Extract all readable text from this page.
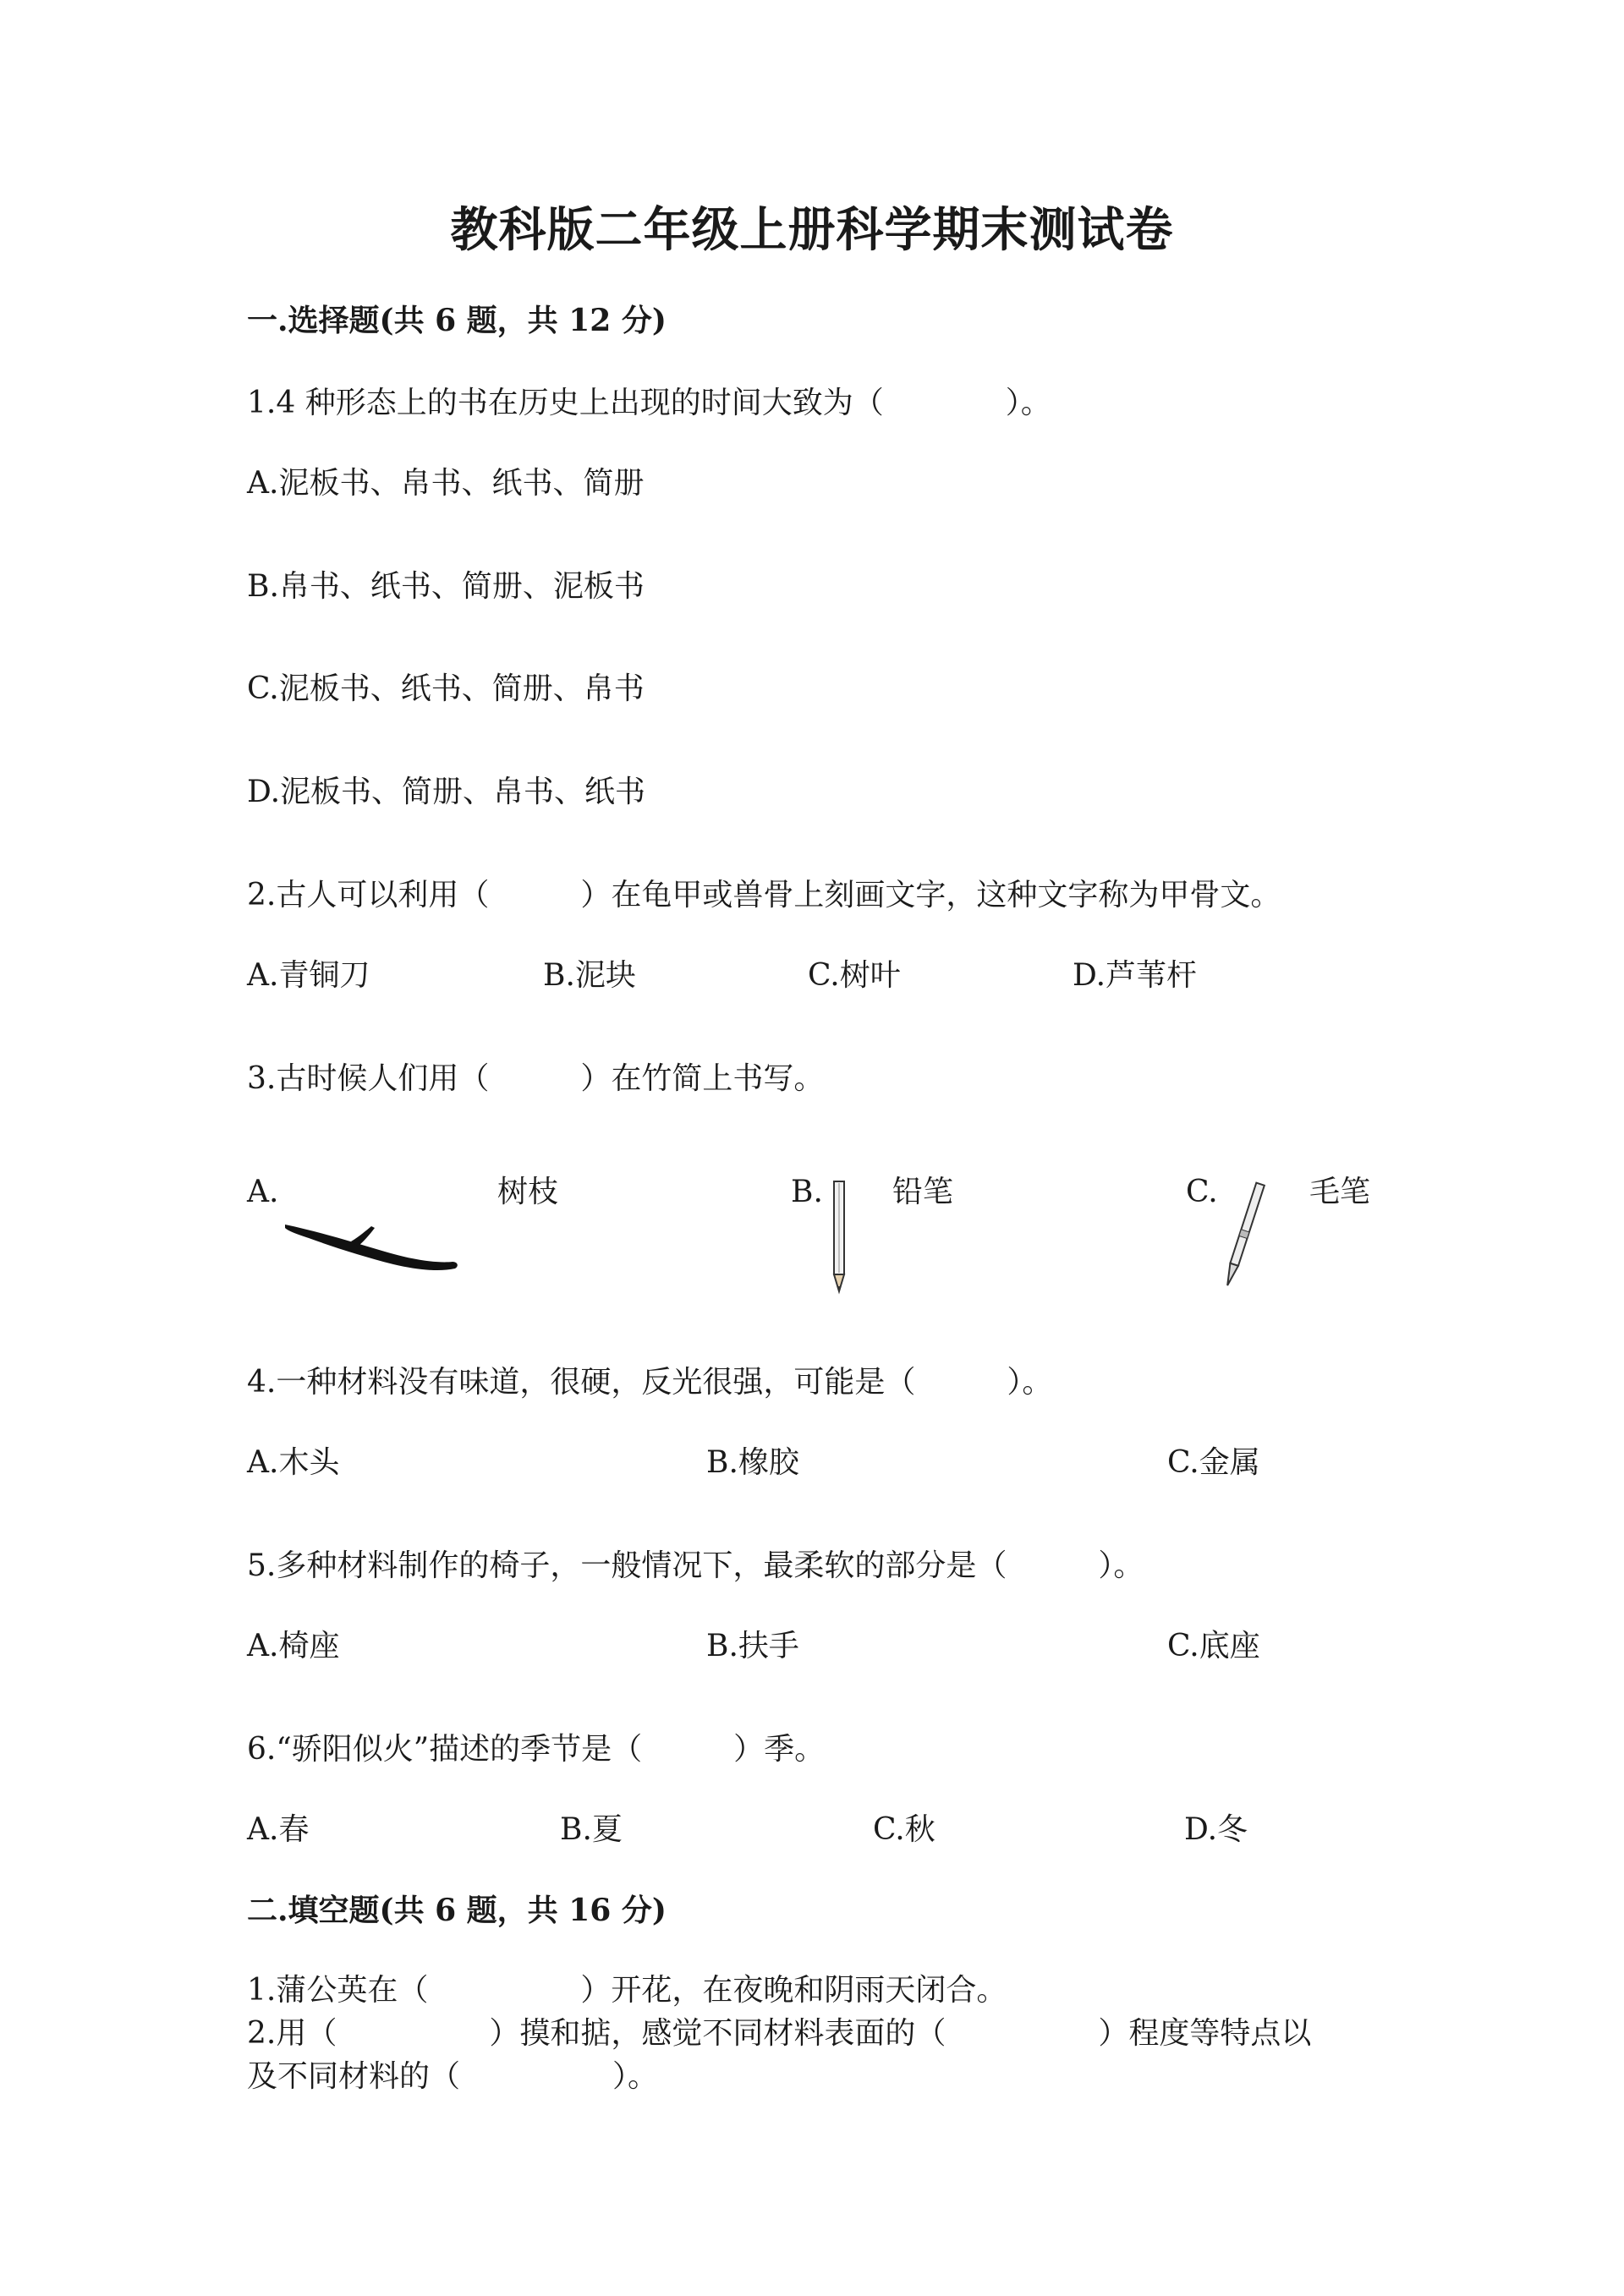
教科版二年级上册科学期末测试卷
一.选择题(共 6 题，共 12 分)
1.4 种形态上的书在历史上出现的时间大致为（　　　　）。
A.泥板书、帛书、纸书、简册
B.帛书、纸书、简册、泥板书
C.泥板书、纸书、简册、帛书
D.泥板书、简册、帛书、纸书
2.古人可以利用（　　　）在龟甲或兽骨上刻画文字，这种文字称为甲骨文。
A.青铜刀	B.泥块	C.树叶	D.芦苇杆
3.古时候人们用（　　　）在竹简上书写。
A.	树枝	B. 铅笔	C.	毛笔
4.一种材料没有味道，很硬，反光很强，可能是（　　　）。
A.木头	B.橡胶	C.金属
5.多种材料制作的椅子，一般情况下，最柔软的部分是（　　　）。
A.椅座	B.扶手	C.底座
6.“骄阳似火”描述的季节是（　　　）季。
A.春	B.夏	C.秋	D.冬
二.填空题(共 6 题，共 16 分)
1.蒲公英在（　　　　　）开花，在夜晚和阴雨天闭合。
2.用（　　　　　）摸和掂，感觉不同材料表面的（　　　　　）程度等特点以
及不同材料的（　　　　　）。
